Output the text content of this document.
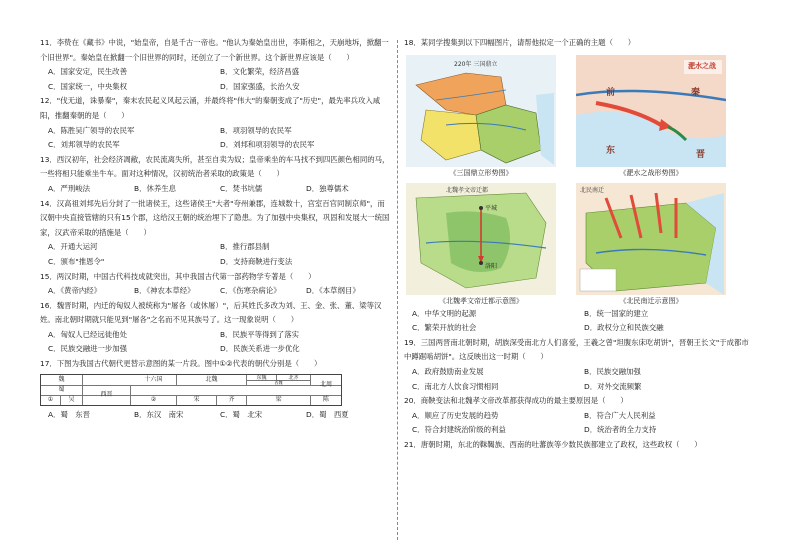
11．李贽在《藏书》中说，"始皇帝，自是千古一帝也。"他认为秦始皇出世，李斯相之，天崩地坼，掀翻一个旧世界"。秦始皇在掀翻一个旧世界的同时，还创立了一个新世界。这个新世界应该是（　　）

A．国家安定，民生改善	B．文化繁荣，经济昌盛
C．国家统一，中央集权	D．国家强盛，长治久安

12．"伐无道，诛暴秦"，秦末农民起义风起云涌，并最终将"伟大"的秦朝变成了"历史"，最先率兵攻入咸阳，推翻秦朝的是（　　）

A．陈胜吴广领导的农民军	B．项羽领导的农民军
C．刘邦领导的农民军	D．刘邦和项羽领导的农民军

13．西汉初年，社会经济凋敝，农民流离失所，甚至自卖为奴；皇帝乘坐的车马找不到四匹颜色相同的马，一些将相只能乘坐牛车。面对这种情况，汉初统治者采取的政策是（　　）

A．严刑峻法	B．休养生息	C．焚书坑儒	D．独尊儒术

14．汉高祖刘邦先后分封了一批诸侯王，这些诸侯王"大者"夸州兼郡，连城数十，宫室百官同制京师"，而汉朝中央直接管辖的只有15个郡，这给汉王朝的统治埋下了隐患。为了加强中央集权，巩固和发展大一统国家，汉武帝采取的措施是（　　）

A．开通大运河	B．推行郡县制
C．颁布"推恩令"	D．支持商鞅进行变法

15．两汉时期，中国古代科技成就突出，其中我国古代第一部药物学专著是（　　）

A．《黄帝内经》	B．《神农本草经》	C．《伤寒杂病论》	D．《本草纲目》

16．魏晋时期，内迁的匈奴人被统称为"屠各（或休屠）"，后其姓氏多改为刘、王、金、张、董、梁等汉姓。南北朝时期就只能见到"屠各"之名而不见其族号了。这一现象说明（　　）

A．匈奴人已经远徙他处	B．民族平等得到了落实
C．民族交融进一步加强	D．民族关系进一步优化

17．下图为我国古代朝代更替示意图的某一片段。图中①②代表的朝代分别是（　　）

魏	十六国	北魏	东魏	北齐
西魏	北周
蜀
西晋
①	吴	②	宋	齐	梁	陈
A．蜀　东晋	B．东汉　南宋	C．蜀　北宋	D．蜀　西夏

18．某同学搜集到以下四幅图片，请帮他拟定一个正确的主题（　　）

220年 三国鼎立
《三国鼎立形势图》
淝水之战
前	秦
东	晋
《淝水之战形势图》
北魏孝文帝迁都
平城
洛阳
《北魏孝文帝迁都示意图》
北民南迁
《北民南迁示意图》
A．中华文明的起源	B．统一国家的建立
C．繁荣开放的社会	D．政权分立和民族交融

19．三国两晋南北朝时期，胡族深受南北方人们喜爱，王羲之曾"坦腹东床吃胡饼"，晋朝王长文"于成都市中蹲踞啮胡饼"。这反映出这一时期（　　）

A．政府鼓励南业发展	B．民族交融加强
C．南北方人饮食习惯相同	D．对外交流频繁

20．商鞅变法和北魏孝文帝改革都获得成功的最主要原因是（　　）

A．顺应了历史发展的趋势	B．符合广大人民利益
C．符合封建统治阶级的利益	D．统治者的全力支持

21．唐朝时期，东北的靺鞨族、西南的吐蕃族等少数民族都建立了政权，这些政权（　　）
